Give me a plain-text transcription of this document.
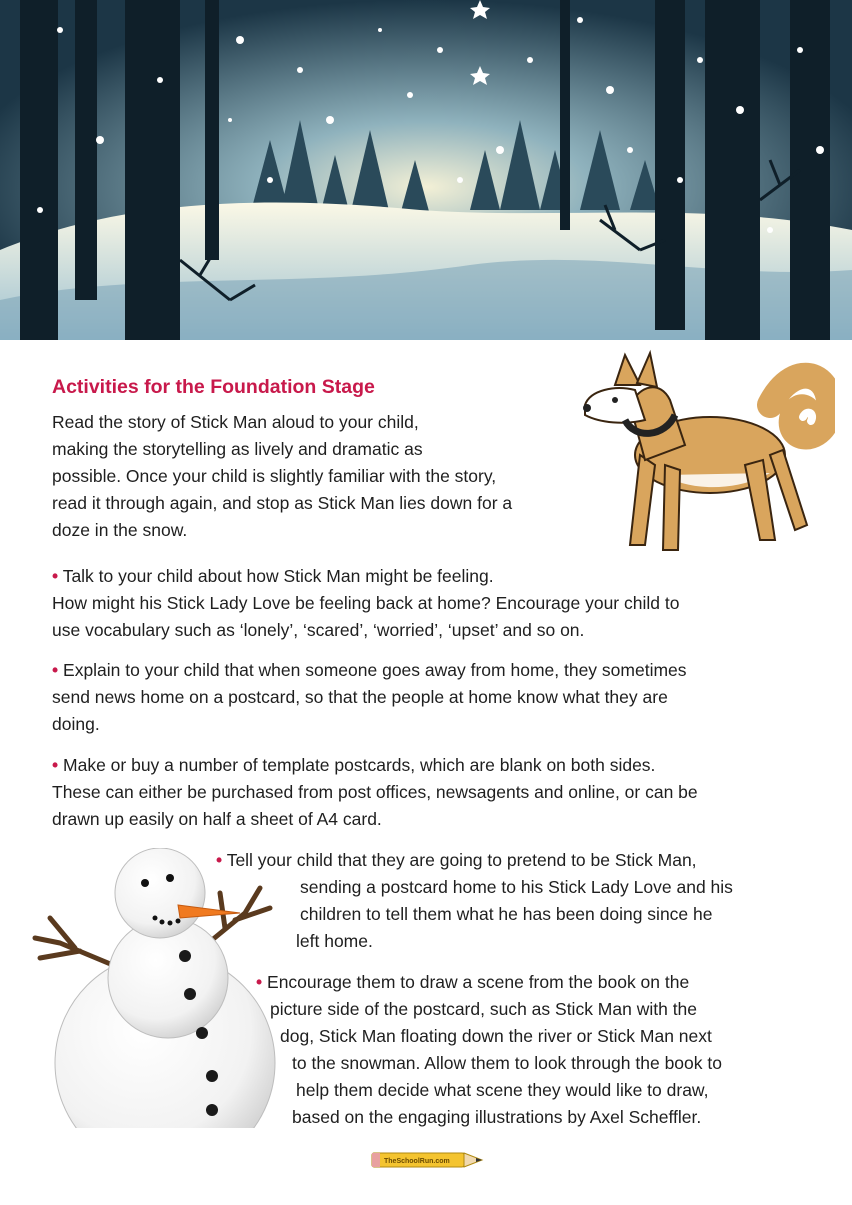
Activities for the Foundation Stage

Read the story of Stick Man aloud to your child,

making the storytelling as lively and dramatic as

possible. Once your child is slightly familiar with the story,

read it through again, and stop as Stick Man lies down for a

doze in the snow.

• Talk to your child about how Stick Man might be feeling.

How might his Stick Lady Love be feeling back at home? Encourage your child to

use vocabulary such as ‘lonely’, ‘scared’, ‘worried’, ‘upset’ and so on.

• Explain to your child that when someone goes away from home, they sometimes

send news home on a postcard, so that the people at home know what they are

doing.

• Make or buy a number of template postcards, which are blank on both sides.

These can either be purchased from post offices, newsagents and online, or can be

drawn up easily on half a sheet of A4 card.

• Tell your child that they are going to pretend to be Stick Man,

sending a postcard home to his Stick Lady Love and his

children to tell them what he has been doing since he

left home.

• Encourage them to draw a scene from the book on the

picture side of the postcard, such as Stick Man with the

dog, Stick Man floating down the river or Stick Man next

to the snowman. Allow them to look through the book to

help them decide what scene they would like to draw,

based on the engaging illustrations by Axel Scheffler.

TheSchoolRun.com
